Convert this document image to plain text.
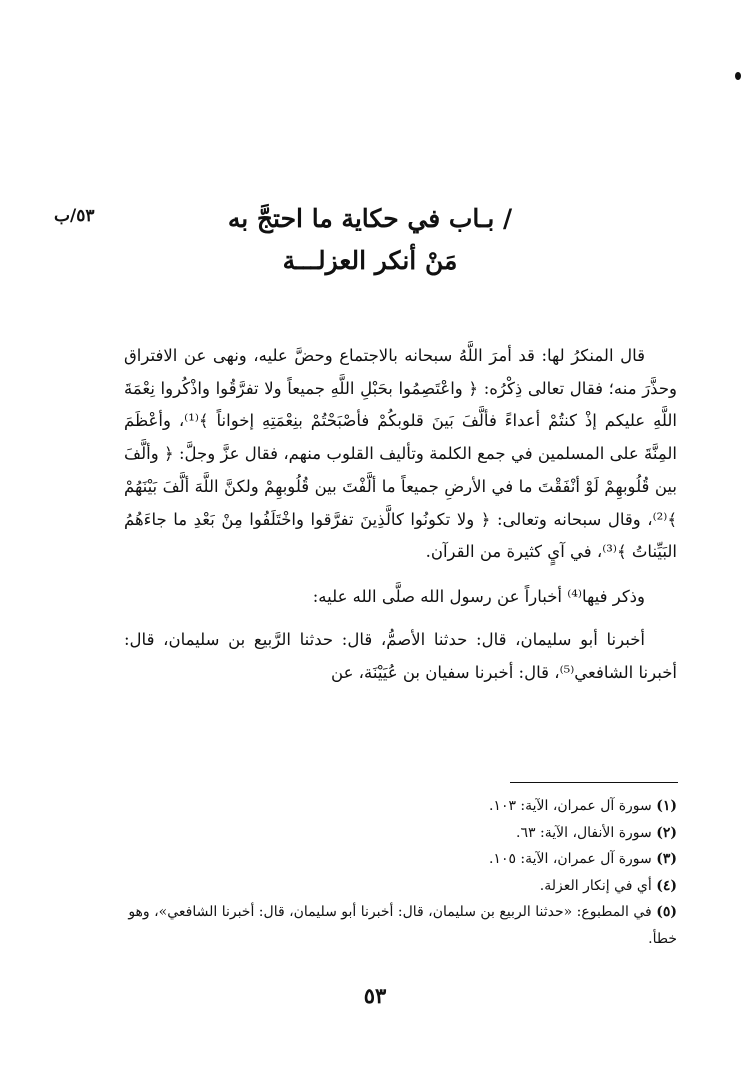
٥٣/ب	/ بـاب في حكاية ما احتجَّ به
مَنْ أنكر العزلـــة

قال المنكرُ لها: قد أمرَ اللَّهُ سبحانه بالاجتماع وحضَّ عليه، ونهى عن الافتراق وحذَّرَ منه؛ فقال تعالى ذِكْرُه: ﴿ واعْتَصِمُوا بحَبْلِ اللَّهِ جميعاً ولا تفرَّقُوا واذْكُروا نِعْمَةَ اللَّهِ عليكم إذْ كنتُمْ أعداءً فألَّفَ بَينَ قلوبكُمْ فأصْبَحْتُمْ بنِعْمَتِهِ إخواناً ﴾⁽¹⁾، وأعْظَمَ المِنَّةَ على المسلمين في جمع الكلمة وتأليف القلوب منهم، فقال عزَّ وجلَّ: ﴿ وألَّفَ بين قُلُوبهِمْ لَوْ أنْفَقْتَ ما في الأرضِ جميعاً ما ألَّفْتَ بين قُلُوبهِمْ ولكنَّ اللَّهَ ألَّفَ بَيْنَهُمْ ﴾⁽²⁾، وقال سبحانه وتعالى: ﴿ ولا تكونُوا كالَّذِينَ تفرَّقوا واخْتَلَفُوا مِنْ بَعْدِ ما جاءَهُمُ البَيِّناتُ ﴾⁽³⁾، في آيٍ كثيرة من القرآن.

وذكر فيها⁽⁴⁾ أخباراً عن رسول الله صلَّى الله عليه:

أخبرنا أبو سليمان، قال: حدثنا الأصمُّ، قال: حدثنا الرَّبيع بن سليمان، قال: أخبرنا الشافعي⁽⁵⁾، قال: أخبرنا سفيان بن عُيَيْنَة، عن

(١) سورة آل عمران، الآية: ١٠٣.

(٢) سورة الأنفال، الآية: ٦٣.

(٣) سورة آل عمران، الآية: ١٠٥.

(٤) أي في إنكار العزلة.

(٥) في المطبوع: «حدثنا الربيع بن سليمان، قال: أخبرنا أبو سليمان، قال: أخبرنا الشافعي»، وهو خطأ.

٥٣
